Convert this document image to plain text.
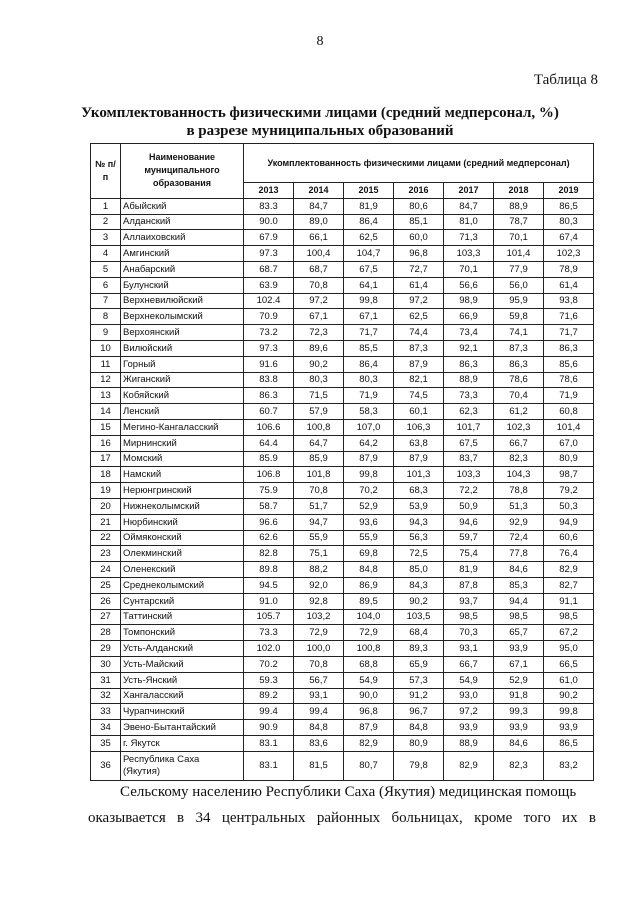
8
Таблица 8
Укомплектованность физическими лицами (средний медперсонал, %)
в разрезе муниципальных образований
№ п/п	Наименование муниципального образования	Укомплектованность физическими лицами (средний медперсонал)						
		2013	2014	2015	2016	2017	2018	2019
1	Абыйский	83.3	84,7	81,9	80,6	84,7	88,9	86,5
2	Алданский	90.0	89,0	86,4	85,1	81,0	78,7	80,3
3	Аллаиховский	67.9	66,1	62,5	60,0	71,3	70,1	67,4
4	Амгинский	97.3	100,4	104,7	96,8	103,3	101,4	102,3
5	Анабарский	68.7	68,7	67,5	72,7	70,1	77,9	78,9
6	Булунский	63.9	70,8	64,1	61,4	56,6	56,0	61,4
7	Верхневилюйский	102.4	97,2	99,8	97,2	98,9	95,9	93,8
8	Верхнеколымский	70.9	67,1	67,1	62,5	66,9	59,8	71,6
9	Верхоянский	73.2	72,3	71,7	74,4	73,4	74,1	71,7
10	Вилюйский	97.3	89,6	85,5	87,3	92,1	87,3	86,3
11	Горный	91.6	90,2	86,4	87,9	86,3	86,3	85,6
12	Жиганский	83.8	80,3	80,3	82,1	88,9	78,6	78,6
13	Кобяйский	86.3	71,5	71,9	74,5	73,3	70,4	71,9
14	Ленский	60.7	57,9	58,3	60,1	62,3	61,2	60,8
15	Мегино-Кангаласский	106.6	100,8	107,0	106,3	101,7	102,3	101,4
16	Мирнинский	64.4	64,7	64,2	63,8	67,5	66,7	67,0
17	Момский	85.9	85,9	87,9	87,9	83,7	82,3	80,9
18	Намский	106.8	101,8	99,8	101,3	103,3	104,3	98,7
19	Нерюнгринский	75.9	70,8	70,2	68,3	72,2	78,8	79,2
20	Нижнеколымский	58.7	51,7	52,9	53,9	50,9	51,3	50,3
21	Нюрбинский	96.6	94,7	93,6	94,3	94,6	92,9	94,9
22	Оймяконский	62.6	55,9	55,9	56,3	59,7	72,4	60,6
23	Олекминский	82.8	75,1	69,8	72,5	75,4	77,8	76,4
24	Оленекский	89.8	88,2	84,8	85,0	81,9	84,6	82,9
25	Среднеколымский	94.5	92,0	86,9	84,3	87,8	85,3	82,7
26	Сунтарский	91.0	92,8	89,5	90,2	93,7	94,4	91,1
27	Таттинский	105.7	103,2	104,0	103,5	98,5	98,5	98,5
28	Томпонский	73.3	72,9	72,9	68,4	70,3	65,7	67,2
29	Усть-Алданский	102.0	100,0	100,8	89,3	93,1	93,9	95,0
30	Усть-Майский	70.2	70,8	68,8	65,9	66,7	67,1	66,5
31	Усть-Янский	59.3	56,7	54,9	57,3	54,9	52,9	61,0
32	Хангаласский	89.2	93,1	90,0	91,2	93,0	91,8	90,2
33	Чурапчинский	99.4	99,4	96,8	96,7	97,2	99,3	99,8
34	Эвено-Бытантайский	90.9	84,8	87,9	84,8	93,9	93,9	93,9
35	г. Якутск	83.1	83,6	82,9	80,9	88,9	84,6	86,5
36	Республика Саха
(Якутия)	83.1	81,5	80,7	79,8	82,9	82,3	83,2
Сельскому населению Республики Саха (Якутия) медицинская помощь
оказывается в 34 центральных районных больницах, кроме того их в
